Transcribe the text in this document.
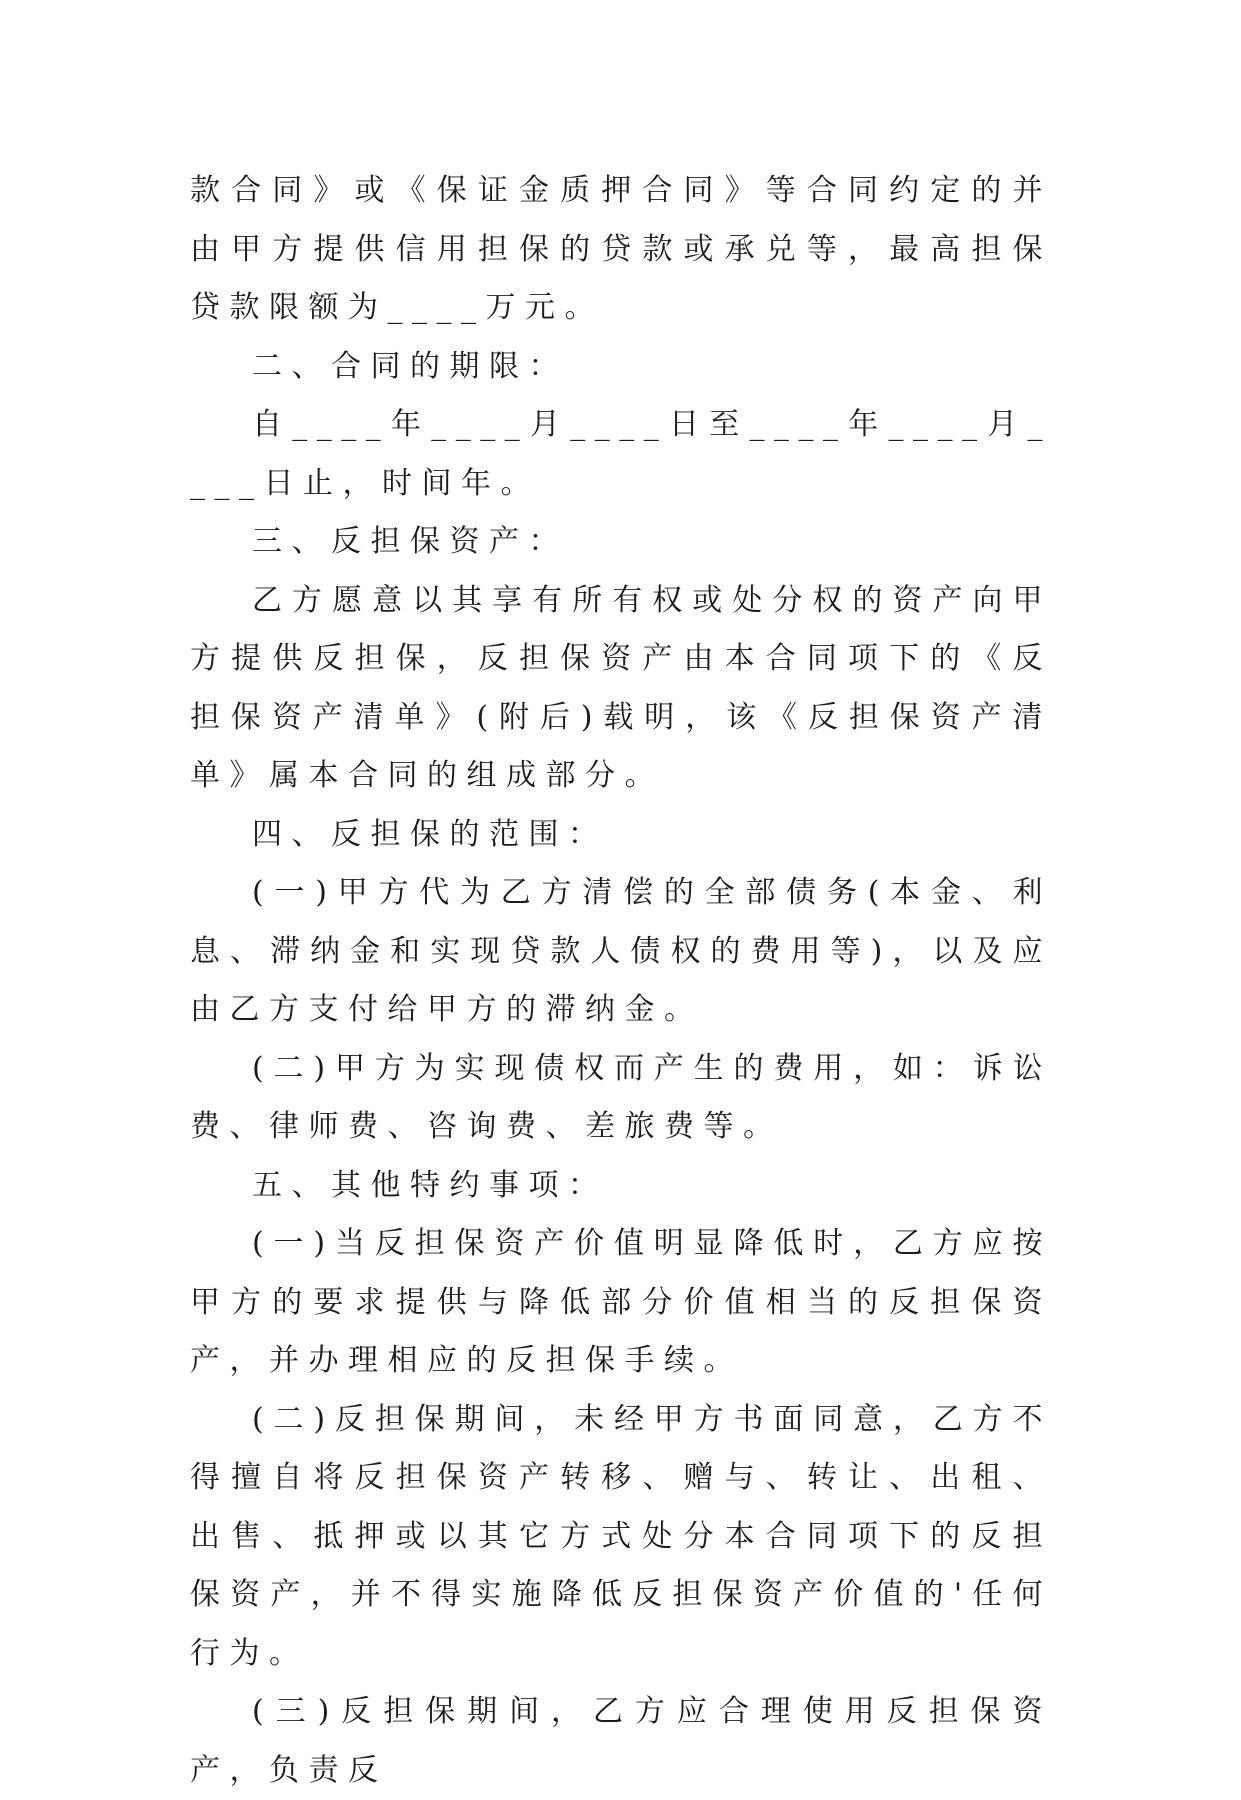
款合同》或《保证金质押合同》等合同约定的并由甲方提供信用担保的贷款或承兑等，最高担保贷款限额为____万元。

二、合同的期限：

自____年____月____日至____年____月____日止，时间年。

三、反担保资产：

乙方愿意以其享有所有权或处分权的资产向甲方提供反担保，反担保资产由本合同项下的《反担保资产清单》(附后)载明，该《反担保资产清单》属本合同的组成部分。

四、反担保的范围：

(一)甲方代为乙方清偿的全部债务(本金、利息、滞纳金和实现贷款人债权的费用等)，以及应由乙方支付给甲方的滞纳金。

(二)甲方为实现债权而产生的费用，如：诉讼费、律师费、咨询费、差旅费等。

五、其他特约事项：

(一)当反担保资产价值明显降低时，乙方应按甲方的要求提供与降低部分价值相当的反担保资产，并办理相应的反担保手续。

(二)反担保期间，未经甲方书面同意，乙方不得擅自将反担保资产转移、赠与、转让、出租、出售、抵押或以其它方式处分本合同项下的反担保资产，并不得实施降低反担保资产价值的'任何行为。

(三)反担保期间，乙方应合理使用反担保资产，负责反
